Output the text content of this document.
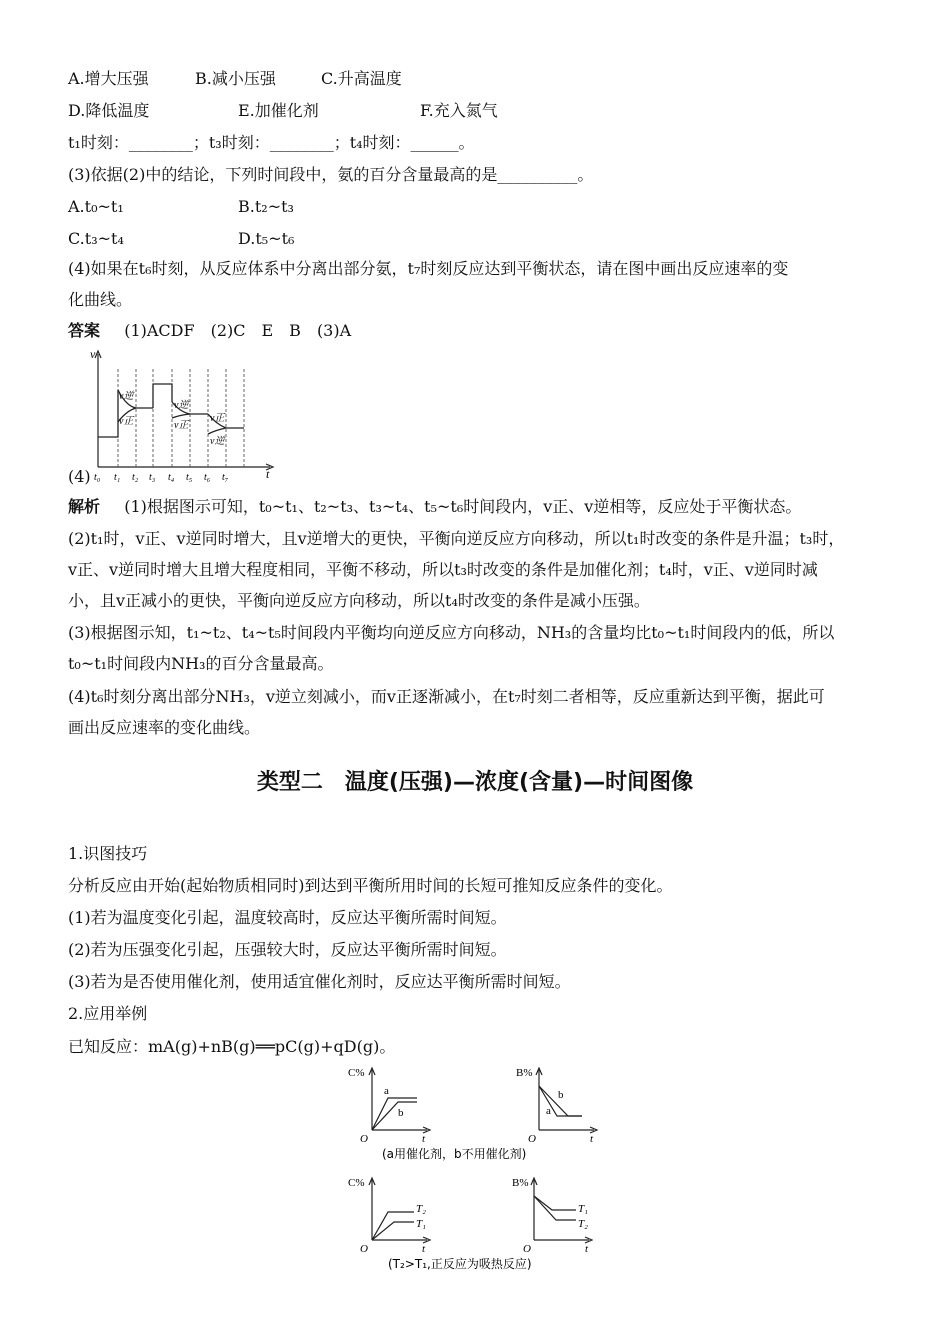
A.增大压强	B.减小压强	C.升高温度
D.降低温度	E.加催化剂	F.充入氮气
t₁时刻：________；t₃时刻：________；t₄时刻：______。
(3)依据(2)中的结论，下列时间段中，氨的百分含量最高的是__________。
A.t₀~t₁	B.t₂~t₃
C.t₃~t₄	D.t₅~t₆
(4)如果在t₆时刻，从反应体系中分离出部分氨，t₇时刻反应达到平衡状态，请在图中画出反应速率的变
化曲线。
答案 (1)ACDF　(2)C　E　B　(3)A
(4)
v
t
v逆
v正
v逆
v正
v正
v逆
t₀ t₁ t₂ t₃ t₄ t₅ t₆ t₇
解析 (1)根据图示可知，t₀~t₁、t₂~t₃、t₃~t₄、t₅~t₆时间段内，v正、v逆相等，反应处于平衡状态。
(2)t₁时，v正、v逆同时增大，且v逆增大的更快，平衡向逆反应方向移动，所以t₁时改变的条件是升温；t₃时，
v正、v逆同时增大且增大程度相同，平衡不移动，所以t₃时改变的条件是加催化剂；t₄时，v正、v逆同时减
小，且v正减小的更快，平衡向逆反应方向移动，所以t₄时改变的条件是减小压强。
(3)根据图示知，t₁~t₂、t₄~t₅时间段内平衡均向逆反应方向移动，NH₃的含量均比t₀~t₁时间段内的低，所以
t₀~t₁时间段内NH₃的百分含量最高。
(4)t₆时刻分离出部分NH₃，v逆立刻减小，而v正逐渐减小，在t₇时刻二者相等，反应重新达到平衡，据此可
画出反应速率的变化曲线。
类型二　温度(压强)—浓度(含量)—时间图像
1.识图技巧
分析反应由开始(起始物质相同时)到达到平衡所用时间的长短可推知反应条件的变化。
(1)若为温度变化引起，温度较高时，反应达平衡所需时间短。
(2)若为压强变化引起，压强较大时，反应达平衡所需时间短。
(3)若为是否使用催化剂，使用适宜催化剂时，反应达平衡所需时间短。
2.应用举例
已知反应：mA(g)+nB(g)══pC(g)+qD(g)。
C%
a
b
O	t
B%
b
a
O	t
(a用催化剂，b不用催化剂)
C%
T₂
T₁
O	t
B%
T₁
T₂
O	t
(T₂>T₁,正反应为吸热反应)
